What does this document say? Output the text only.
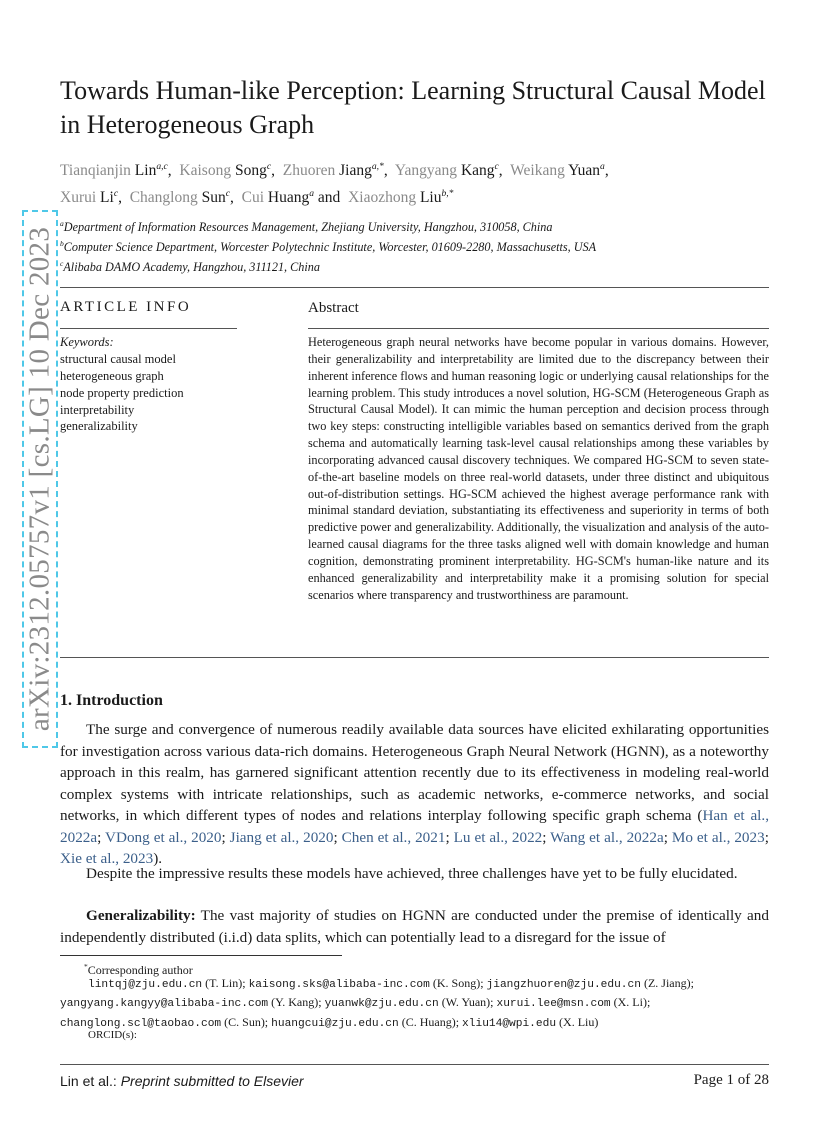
arXiv:2312.05757v1 [cs.LG] 10 Dec 2023
Towards Human-like Perception: Learning Structural Causal Model in Heterogeneous Graph
Tianqianjin Lin$^{a,c}$, Kaisong Song$^c$, Zhuoren Jiang$^{a,*}$, Yangyang Kang$^c$, Weikang Yuan$^a$,
Xurui Li$^c$, Changlong Sun$^c$, Cui Huang$^a$ and Xiaozhong Liu$^{b,*}$
$^a$Department of Information Resources Management, Zhejiang University, Hangzhou, 310058, China
$^b$Computer Science Department, Worcester Polytechnic Institute, Worcester, 01609-2280, Massachusetts, USA
$^c$Alibaba DAMO Academy, Hangzhou, 311121, China
ARTICLE INFO
Keywords:
structural causal model
heterogeneous graph
node property prediction
interpretability
generalizability
Abstract
Heterogeneous graph neural networks have become popular in various domains. However, their generalizability and interpretability are limited due to the discrepancy between their inherent inference flows and human reasoning logic or underlying causal relationships for the learning problem. This study introduces a novel solution, HG-SCM (Heterogeneous Graph as Structural Causal Model). It can mimic the human perception and decision process through two key steps: constructing intelligible variables based on semantics derived from the graph schema and automatically learning task-level causal relationships among these variables by incorporating advanced causal discovery techniques. We compared HG-SCM to seven state-of-the-art baseline models on three real-world datasets, under three distinct and ubiquitous out-of-distribution settings. HG-SCM achieved the highest average performance rank with minimal standard deviation, substantiating its effectiveness and superiority in terms of both predictive power and generalizability. Additionally, the visualization and analysis of the auto-learned causal diagrams for the three tasks aligned well with domain knowledge and human cognition, demonstrating prominent interpretability. HG-SCM's human-like nature and its enhanced generalizability and interpretability make it a promising solution for special scenarios where transparency and trustworthiness are paramount.
1. Introduction
The surge and convergence of numerous readily available data sources have elicited exhilarating opportunities for investigation across various data-rich domains. Heterogeneous Graph Neural Network (HGNN), as a noteworthy approach in this realm, has garnered significant attention recently due to its effectiveness in modeling real-world complex systems with intricate relationships, such as academic networks, e-commerce networks, and social networks, in which different types of nodes and relations interplay following specific graph schema (Han et al., 2022a; VDong et al., 2020; Jiang et al., 2020; Chen et al., 2021; Lu et al., 2022; Wang et al., 2022a; Mo et al., 2023; Xie et al., 2023).
Despite the impressive results these models have achieved, three challenges have yet to be fully elucidated.
Generalizability: The vast majority of studies on HGNN are conducted under the premise of identically and independently distributed (i.i.d) data splits, which can potentially lead to a disregard for the issue of
*Corresponding author
lintqj@zju.edu.cn (T. Lin); kaisong.sks@alibaba-inc.com (K. Song); jiangzhuoren@zju.edu.cn (Z. Jiang);
yangyang.kangyy@alibaba-inc.com (Y. Kang); yuanwk@zju.edu.cn (W. Yuan); xurui.lee@msn.com (X. Li);
changlong.scl@taobao.com (C. Sun); huangcui@zju.edu.cn (C. Huang); xliu14@wpi.edu (X. Liu)
ORCID(s):
Lin et al.: Preprint submitted to Elsevier	Page 1 of 28
